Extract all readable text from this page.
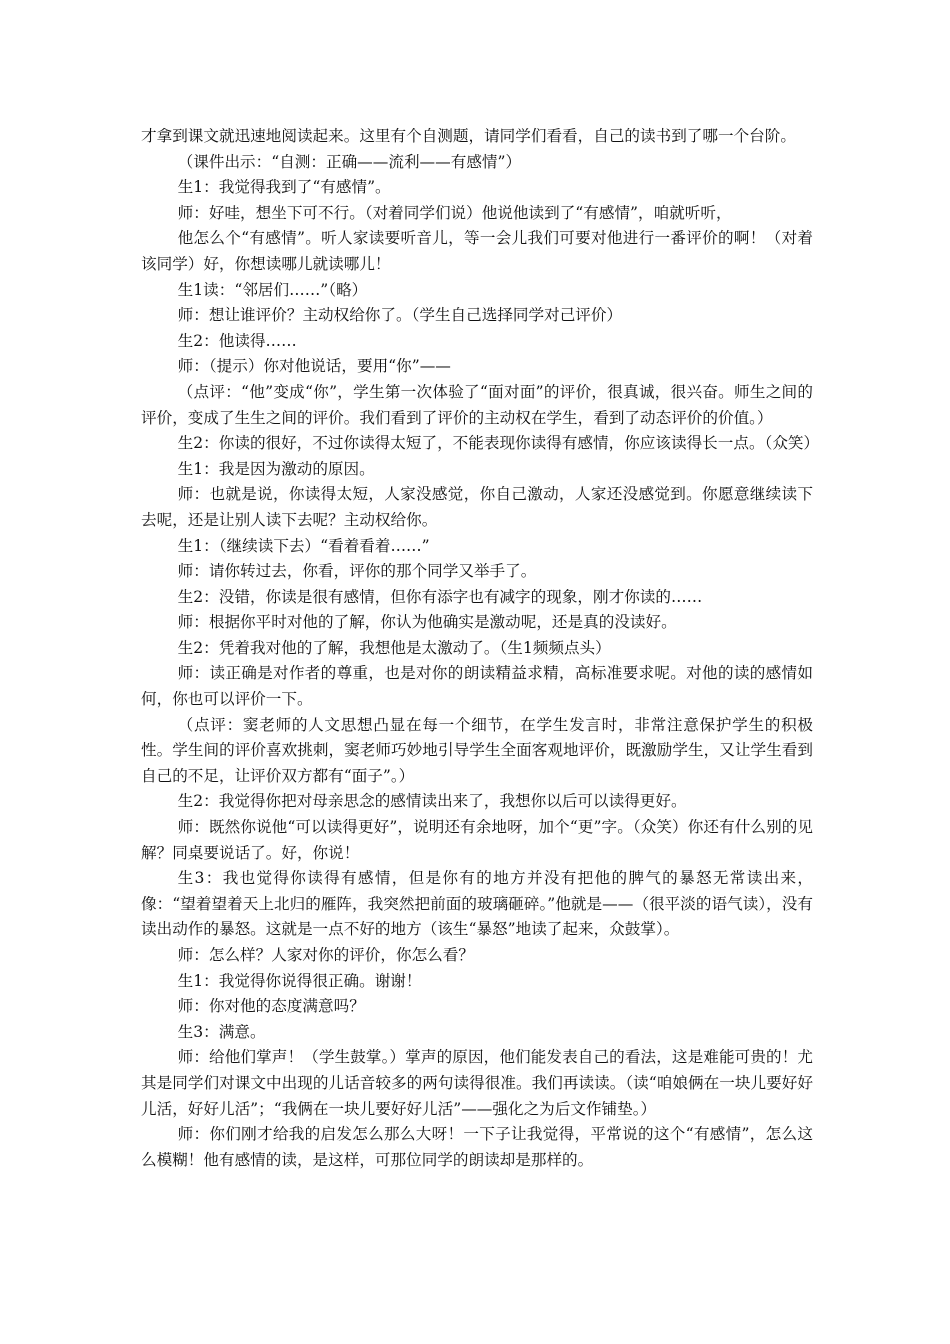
才拿到课文就迅速地阅读起来。这里有个自测题，请同学们看看，自己的读书到了哪一个台阶。

（课件出示：“自测：正确——流利——有感情”）

生1：我觉得我到了“有感情”。

师：好哇，想坐下可不行。（对着同学们说）他说他读到了“有感情”，咱就听听，

他怎么个“有感情”。听人家读要听音儿，等一会儿我们可要对他进行一番评价的啊！（对着该同学）好，你想读哪儿就读哪儿！

生1读：“邻居们……”（略）

师：想让谁评价？主动权给你了。（学生自己选择同学对己评价）

生2：他读得……

师：（提示）你对他说话，要用“你”——

（点评：“他”变成“你”，学生第一次体验了“面对面”的评价，很真诚，很兴奋。师生之间的评价，变成了生生之间的评价。我们看到了评价的主动权在学生，看到了动态评价的价值。）

生2：你读的很好，不过你读得太短了，不能表现你读得有感情，你应该读得长一点。（众笑）

生1：我是因为激动的原因。

师：也就是说，你读得太短，人家没感觉，你自己激动，人家还没感觉到。你愿意继续读下去呢，还是让别人读下去呢？主动权给你。

生1：（继续读下去）“看着看着……”

师：请你转过去，你看，评你的那个同学又举手了。

生2：没错，你读是很有感情，但你有添字也有减字的现象，刚才你读的……

师：根据你平时对他的了解，你认为他确实是激动呢，还是真的没读好。

生2：凭着我对他的了解，我想他是太激动了。（生1频频点头）

师：读正确是对作者的尊重，也是对你的朗读精益求精，高标准要求呢。对他的读的感情如何，你也可以评价一下。

（点评：窦老师的人文思想凸显在每一个细节，在学生发言时，非常注意保护学生的积极性。学生间的评价喜欢挑刺，窦老师巧妙地引导学生全面客观地评价，既激励学生，又让学生看到自己的不足，让评价双方都有“面子”。）

生2：我觉得你把对母亲思念的感情读出来了，我想你以后可以读得更好。

师：既然你说他“可以读得更好”，说明还有余地呀，加个“更”字。（众笑）你还有什么别的见解？同桌要说话了。好，你说！

生3：我也觉得你读得有感情，但是你有的地方并没有把他的脾气的暴怒无常读出来，像：“望着望着天上北归的雁阵，我突然把前面的玻璃砸碎。”他就是——（很平淡的语气读），没有读出动作的暴怒。这就是一点不好的地方（该生“暴怒”地读了起来，众鼓掌）。

师：怎么样？人家对你的评价，你怎么看？

生1：我觉得你说得很正确。谢谢！

师：你对他的态度满意吗？

生3：满意。

师：给他们掌声！（学生鼓掌。）掌声的原因，他们能发表自己的看法，这是难能可贵的！尤其是同学们对课文中出现的儿话音较多的两句读得很准。我们再读读。（读“咱娘俩在一块儿要好好儿活，好好儿活”；“我俩在一块儿要好好儿活”——强化之为后文作铺垫。）

师：你们刚才给我的启发怎么那么大呀！一下子让我觉得，平常说的这个“有感情”，怎么这么模糊！他有感情的读，是这样，可那位同学的朗读却是那样的。
